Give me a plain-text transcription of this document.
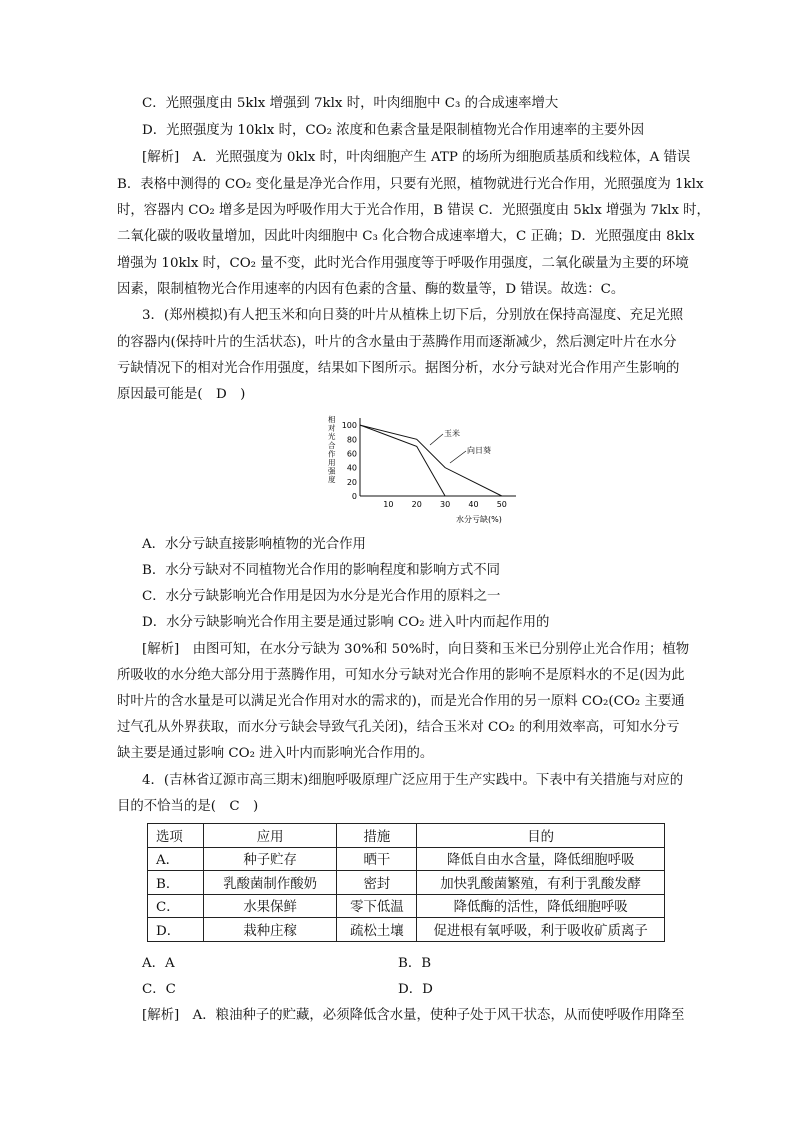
C．光照强度由 5klx 增强到 7klx 时，叶肉细胞中 C₃ 的合成速率增大
D．光照强度为 10klx 时，CO₂ 浓度和色素含量是限制植物光合作用速率的主要外因
[解析]　A．光照强度为 0klx 时，叶肉细胞产生 ATP 的场所为细胞质基质和线粒体，A 错误
B．表格中测得的 CO₂ 变化量是净光合作用，只要有光照，植物就进行光合作用，光照强度为 1klx
时，容器内 CO₂ 增多是因为呼吸作用大于光合作用，B 错误 C．光照强度由 5klx 增强为 7klx 时，
二氧化碳的吸收量增加，因此叶肉细胞中 C₃ 化合物合成速率增大，C 正确；D．光照强度由 8klx
增强为 10klx 时，CO₂ 量不变，此时光合作用强度等于呼吸作用强度，二氧化碳量为主要的环境
因素，限制植物光合作用速率的内因有色素的含量、酶的数量等，D 错误。故选：C。
3．(郑州模拟)有人把玉米和向日葵的叶片从植株上切下后，分别放在保持高湿度、充足光照
的容器内(保持叶片的生活状态)，叶片的含水量由于蒸腾作用而逐渐减少，然后测定叶片在水分
亏缺情况下的相对光合作用强度，结果如下图所示。据图分析，水分亏缺对光合作用产生影响的
原因最可能是(　D　)
相对光合作用强度
0
20
40
60
80
100
10 20 30 40 50
水分亏缺(%)
玉米
向日葵
A．水分亏缺直接影响植物的光合作用
B．水分亏缺对不同植物光合作用的影响程度和影响方式不同
C．水分亏缺影响光合作用是因为水分是光合作用的原料之一
D．水分亏缺影响光合作用主要是通过影响 CO₂ 进入叶内而起作用的
[解析]　由图可知，在水分亏缺为 30%和 50%时，向日葵和玉米已分别停止光合作用；植物
所吸收的水分绝大部分用于蒸腾作用，可知水分亏缺对光合作用的影响不是原料水的不足(因为此
时叶片的含水量是可以满足光合作用对水的需求的)，而是光合作用的另一原料 CO₂(CO₂ 主要通
过气孔从外界获取，而水分亏缺会导致气孔关闭)，结合玉米对 CO₂ 的利用效率高，可知水分亏
缺主要是通过影响 CO₂ 进入叶内而影响光合作用的。
4．(吉林省辽源市高三期末)细胞呼吸原理广泛应用于生产实践中。下表中有关措施与对应的
目的不恰当的是(　C　)
选项	应用	措施	目的
A．	种子贮存	晒干	降低自由水含量，降低细胞呼吸
B．	乳酸菌制作酸奶	密封	加快乳酸菌繁殖，有利于乳酸发酵
C．	水果保鲜	零下低温	降低酶的活性，降低细胞呼吸
D．	栽种庄稼	疏松土壤	促进根有氧呼吸，利于吸收矿质离子
A．A	B．B
C．C	D．D
[解析]　A．粮油种子的贮藏，必须降低含水量，使种子处于风干状态，从而使呼吸作用降至
